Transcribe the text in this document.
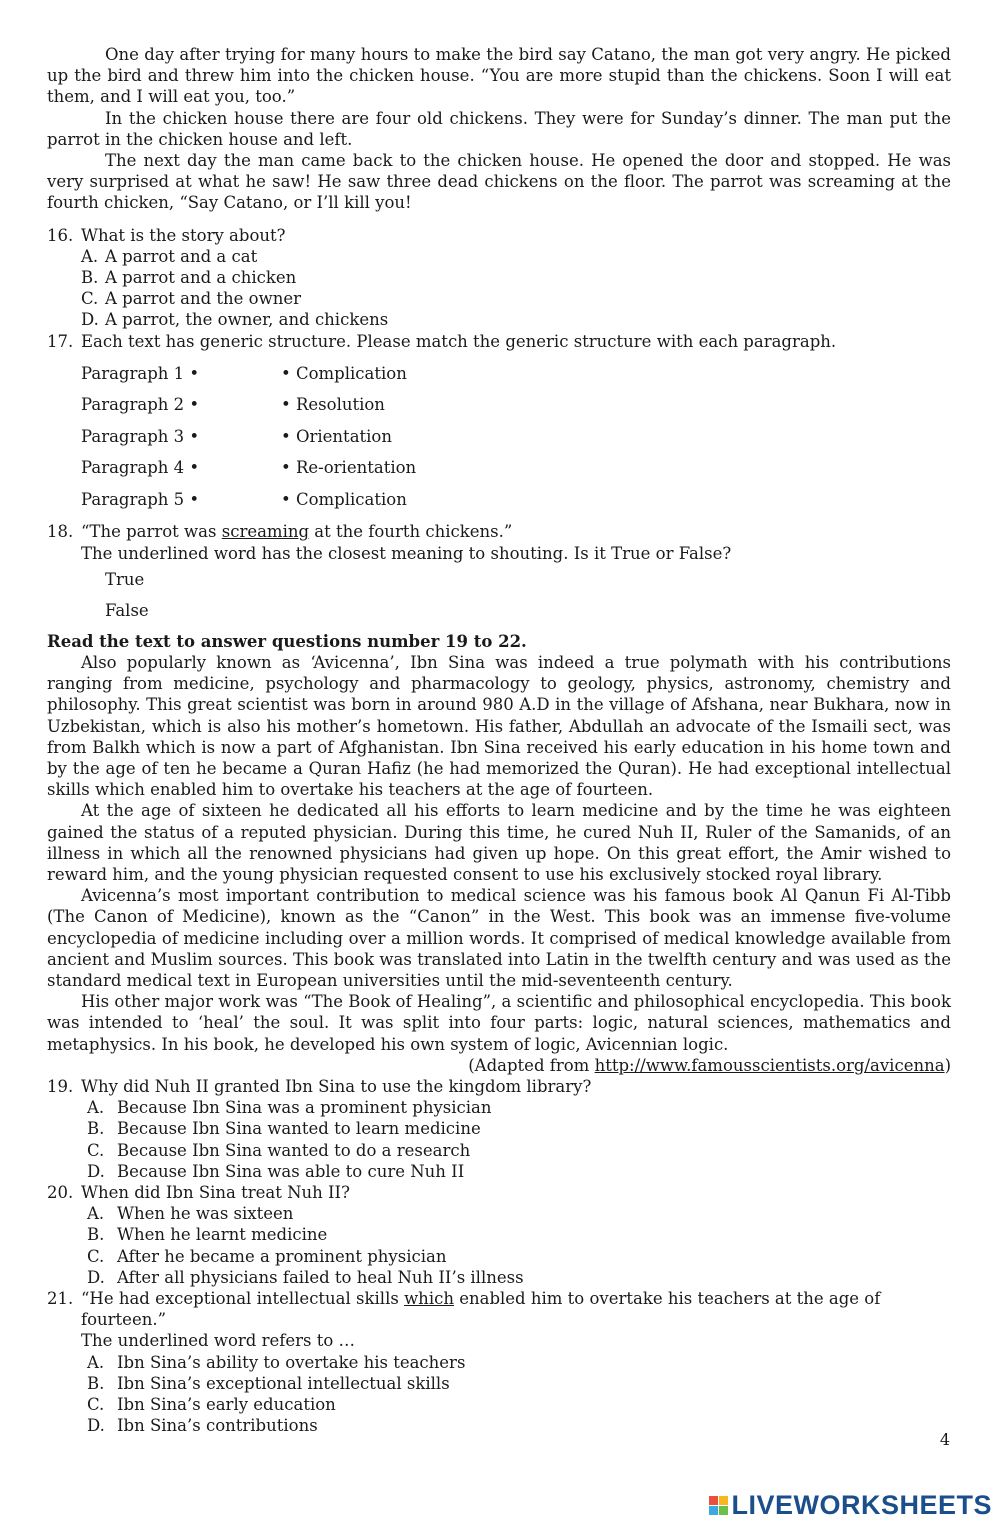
One day after trying for many hours to make the bird say Catano, the man got very angry. He picked up the bird and threw him into the chicken house. “You are more stupid than the chickens. Soon I will eat them, and I will eat you, too.”

In the chicken house there are four old chickens. They were for Sunday’s dinner. The man put the parrot in the chicken house and left.

The next day the man came back to the chicken house. He opened the door and stopped. He was very surprised at what he saw! He saw three dead chickens on the floor. The parrot was screaming at the fourth chicken, “Say Catano, or I’ll kill you!

16. What is the story about?
A. A parrot and a cat
B. A parrot and a chicken
C. A parrot and the owner
D. A parrot, the owner, and chickens
17. Each text has generic structure. Please match the generic structure with each paragraph.
Paragraph 1 •	• Complication
Paragraph 2 •	• Resolution
Paragraph 3 •	• Orientation
Paragraph 4 •	• Re-orientation
Paragraph 5 •	• Complication
18. “The parrot was screaming at the fourth chickens.”
The underlined word has the closest meaning to shouting. Is it True or False?
True
False

Read the text to answer questions number 19 to 22.

Also popularly known as ‘Avicenna’, Ibn Sina was indeed a true polymath with his contributions ranging from medicine, psychology and pharmacology to geology, physics, astronomy, chemistry and philosophy. This great scientist was born in around 980 A.D in the village of Afshana, near Bukhara, now in Uzbekistan, which is also his mother’s hometown. His father, Abdullah an advocate of the Ismaili sect, was from Balkh which is now a part of Afghanistan. Ibn Sina received his early education in his home town and by the age of ten he became a Quran Hafiz (he had memorized the Quran). He had exceptional intellectual skills which enabled him to overtake his teachers at the age of fourteen.

At the age of sixteen he dedicated all his efforts to learn medicine and by the time he was eighteen gained the status of a reputed physician. During this time, he cured Nuh II, Ruler of the Samanids, of an illness in which all the renowned physicians had given up hope. On this great effort, the Amir wished to reward him, and the young physician requested consent to use his exclusively stocked royal library.

Avicenna’s most important contribution to medical science was his famous book Al Qanun Fi Al-Tibb (The Canon of Medicine), known as the “Canon” in the West. This book was an immense five-volume encyclopedia of medicine including over a million words. It comprised of medical knowledge available from ancient and Muslim sources. This book was translated into Latin in the twelfth century and was used as the standard medical text in European universities until the mid-seventeenth century.

His other major work was “The Book of Healing”, a scientific and philosophical encyclopedia. This book was intended to ‘heal’ the soul. It was split into four parts: logic, natural sciences, mathematics and metaphysics. In his book, he developed his own system of logic, Avicennian logic.

(Adapted from http://www.famousscientists.org/avicenna)

19. Why did Nuh II granted Ibn Sina to use the kingdom library?
A. Because Ibn Sina was a prominent physician
B. Because Ibn Sina wanted to learn medicine
C. Because Ibn Sina wanted to do a research
D. Because Ibn Sina was able to cure Nuh II
20. When did Ibn Sina treat Nuh II?
A. When he was sixteen
B. When he learnt medicine
C. After he became a prominent physician
D. After all physicians failed to heal Nuh II’s illness
21. “He had exceptional intellectual skills which enabled him to overtake his teachers at the age of fourteen.”
The underlined word refers to …
A. Ibn Sina’s ability to overtake his teachers
B. Ibn Sina’s exceptional intellectual skills
C. Ibn Sina’s early education
D. Ibn Sina’s contributions
4
LIVEWORKSHEETS
